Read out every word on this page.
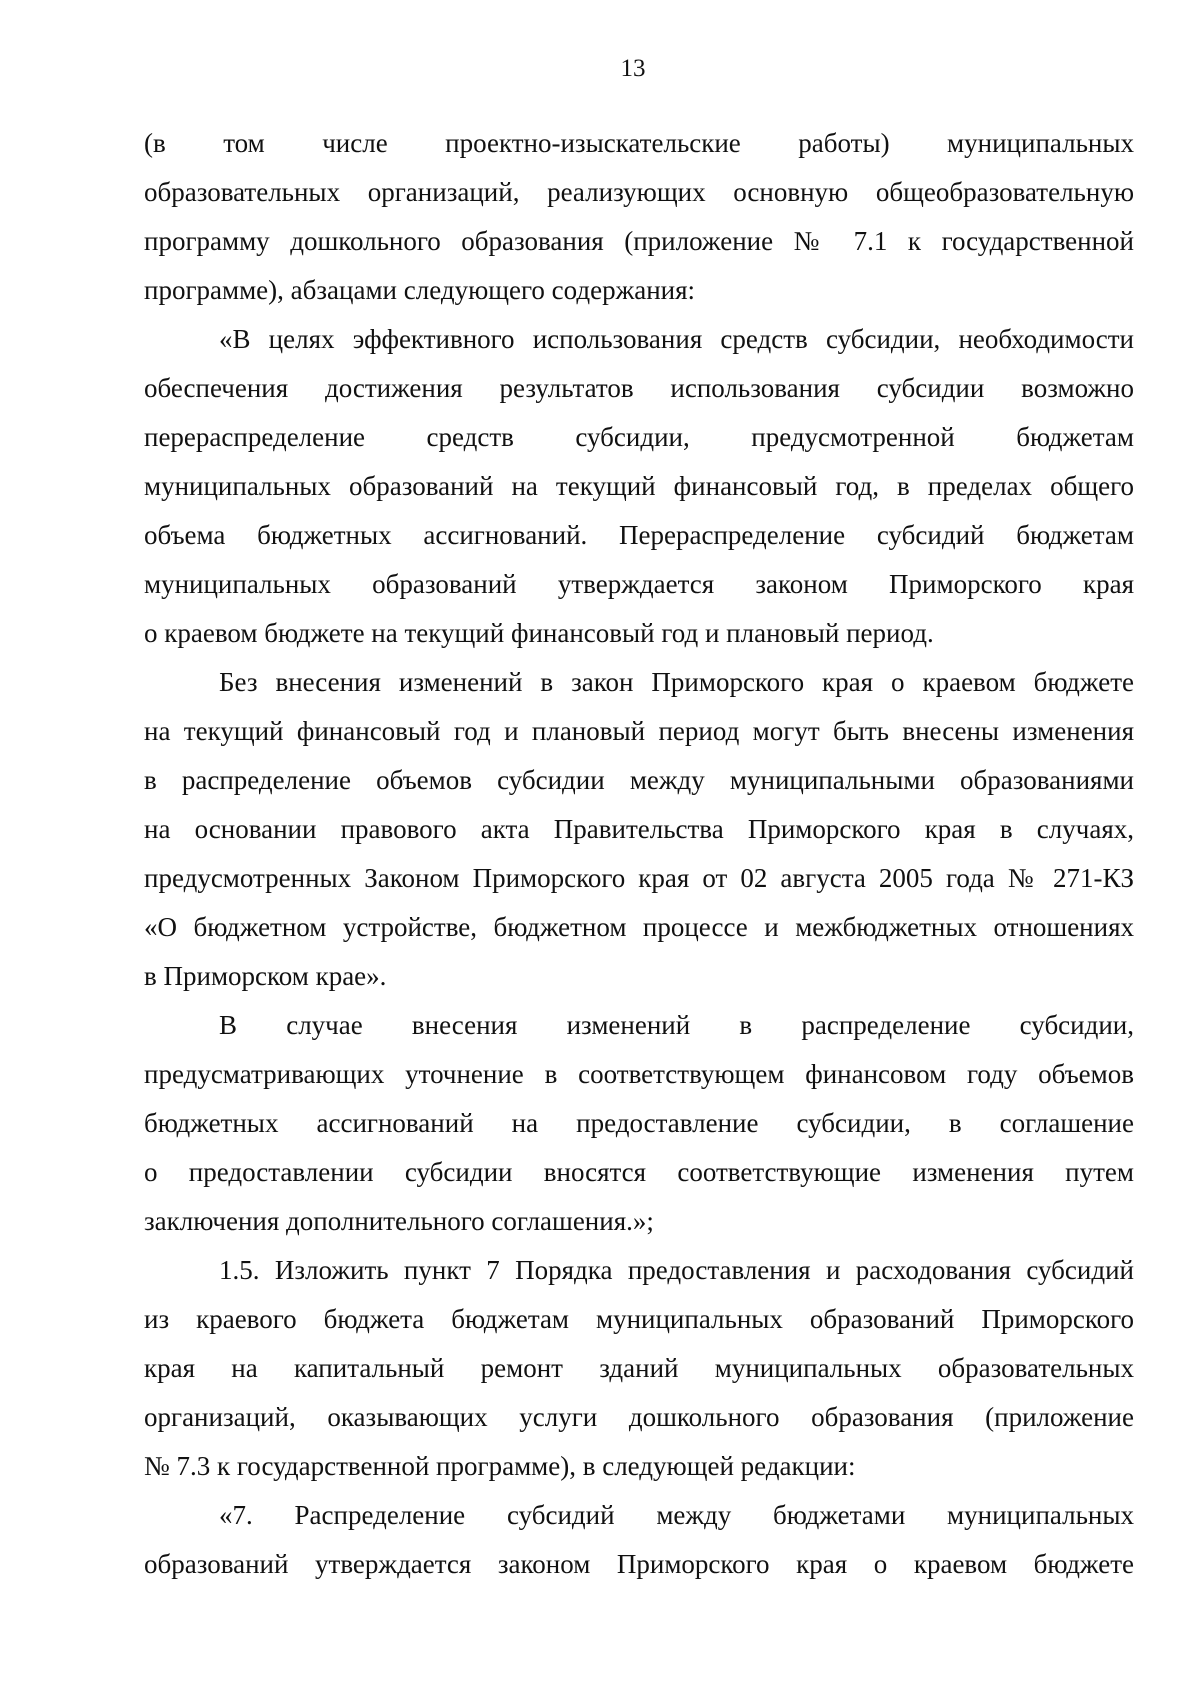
13
(в том числе проектно-изыскательские работы) муниципальных
образовательных организаций, реализующих основную общеобразовательную
программу дошкольного образования (приложение № 7.1 к государственной
программе), абзацами следующего содержания:
«В целях эффективного использования средств субсидии, необходимости
обеспечения достижения результатов использования субсидии возможно
перераспределение средств субсидии, предусмотренной бюджетам
муниципальных образований на текущий финансовый год, в пределах общего
объема бюджетных ассигнований. Перераспределение субсидий бюджетам
муниципальных образований утверждается законом Приморского края
о краевом бюджете на текущий финансовый год и плановый период.
Без внесения изменений в закон Приморского края о краевом бюджете
на текущий финансовый год и плановый период могут быть внесены изменения
в распределение объемов субсидии между муниципальными образованиями
на основании правового акта Правительства Приморского края в случаях,
предусмотренных Законом Приморского края от 02 августа 2005 года № 271-КЗ
«О бюджетном устройстве, бюджетном процессе и межбюджетных отношениях
в Приморском крае».
В случае внесения изменений в распределение субсидии,
предусматривающих уточнение в соответствующем финансовом году объемов
бюджетных ассигнований на предоставление субсидии, в соглашение
о предоставлении субсидии вносятся соответствующие изменения путем
заключения дополнительного соглашения.»;
1.5. Изложить пункт 7 Порядка предоставления и расходования субсидий
из краевого бюджета бюджетам муниципальных образований Приморского
края на капитальный ремонт зданий муниципальных образовательных
организаций, оказывающих услуги дошкольного образования (приложение
№ 7.3 к государственной программе), в следующей редакции:
«7. Распределение субсидий между бюджетами муниципальных
образований утверждается законом Приморского края о краевом бюджете
